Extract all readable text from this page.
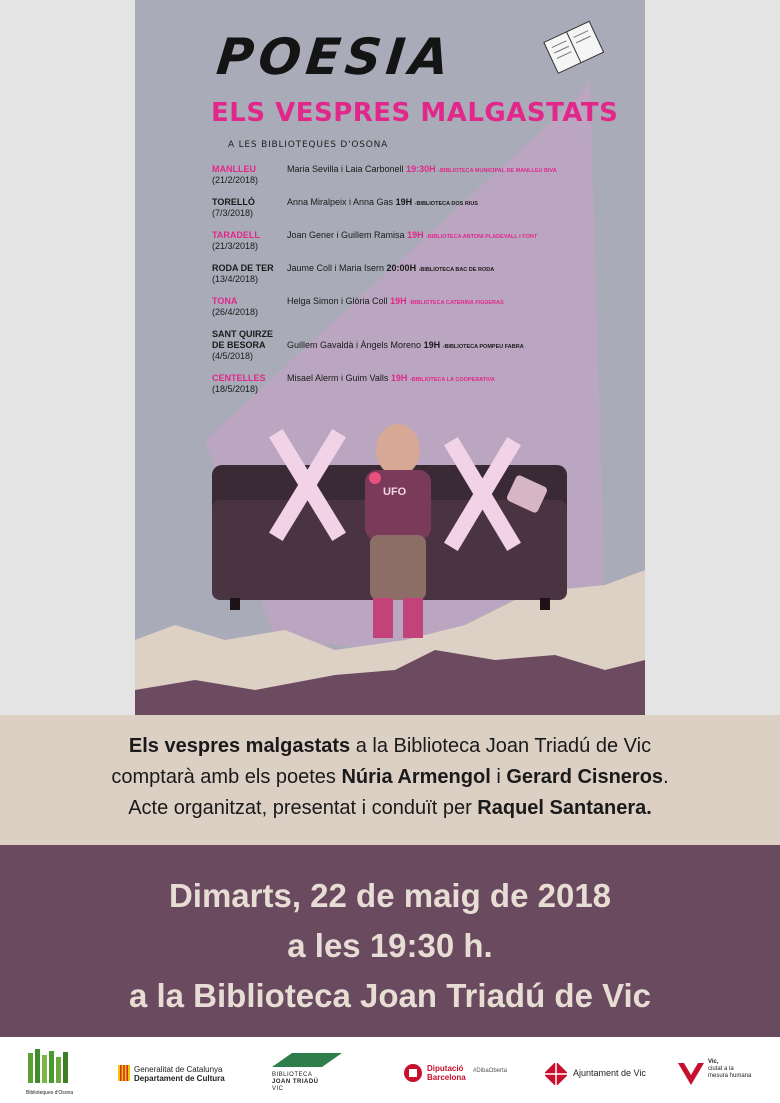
UFO
POESIA
ELS VESPRES MALGASTATS
A LES BIBLIOTEQUES D'OSONA
MANLLEU
(21/2/2018)
Maria Sevilla i Laia Carbonell 19:30H -BIBLIOTECA MUNICIPAL DE MANLLEU BIVA
TORELLÓ
(7/3/2018)
Anna Miralpeix i Anna Gas 19H -BIBLIOTECA DOS RIUS
TARADELL
(21/3/2018)
Joan Gener i Guillem Ramisa 19H -BIBLIOTECA ANTONI PLADEVALL I FONT
RODA DE TER
(13/4/2018)
Jaume Coll i Maria Isern 20:00H -BIBLIOTECA BAC DE RODA
TONA
(26/4/2018)
Helga Simon i Glòria Coll 19H -BIBLIOTECA CATERINA FIGUERAS
SANT QUIRZE DE BESORA
(4/5/2018)
Guillem Gavaldà i Àngels Moreno 19H -BIBLIOTECA POMPEU FABRA
CENTELLES
(18/5/2018)
Misael Alerm i Guim Valls 19H -BIBLIOTECA LA COOPERATIVA
Els vespres malgastats a la Biblioteca Joan Triadú de Vic
comptarà amb els poetes Núria Armengol i Gerard Cisneros.
Acte organitzat, presentat i conduït per Raquel Santanera.
Dimarts, 22 de maig de 2018
a les 19:30 h.
a la Biblioteca Joan Triadú de Vic
Biblioteques d'Osona
Generalitat de Catalunya
Departament de Cultura	BIBLIOTECA
JOAN TRIADÚ
VIC
Diputació
Barcelona
#DibaOberta	Ajuntament de Vic
Vic,
ciutat a la
mesura humana
